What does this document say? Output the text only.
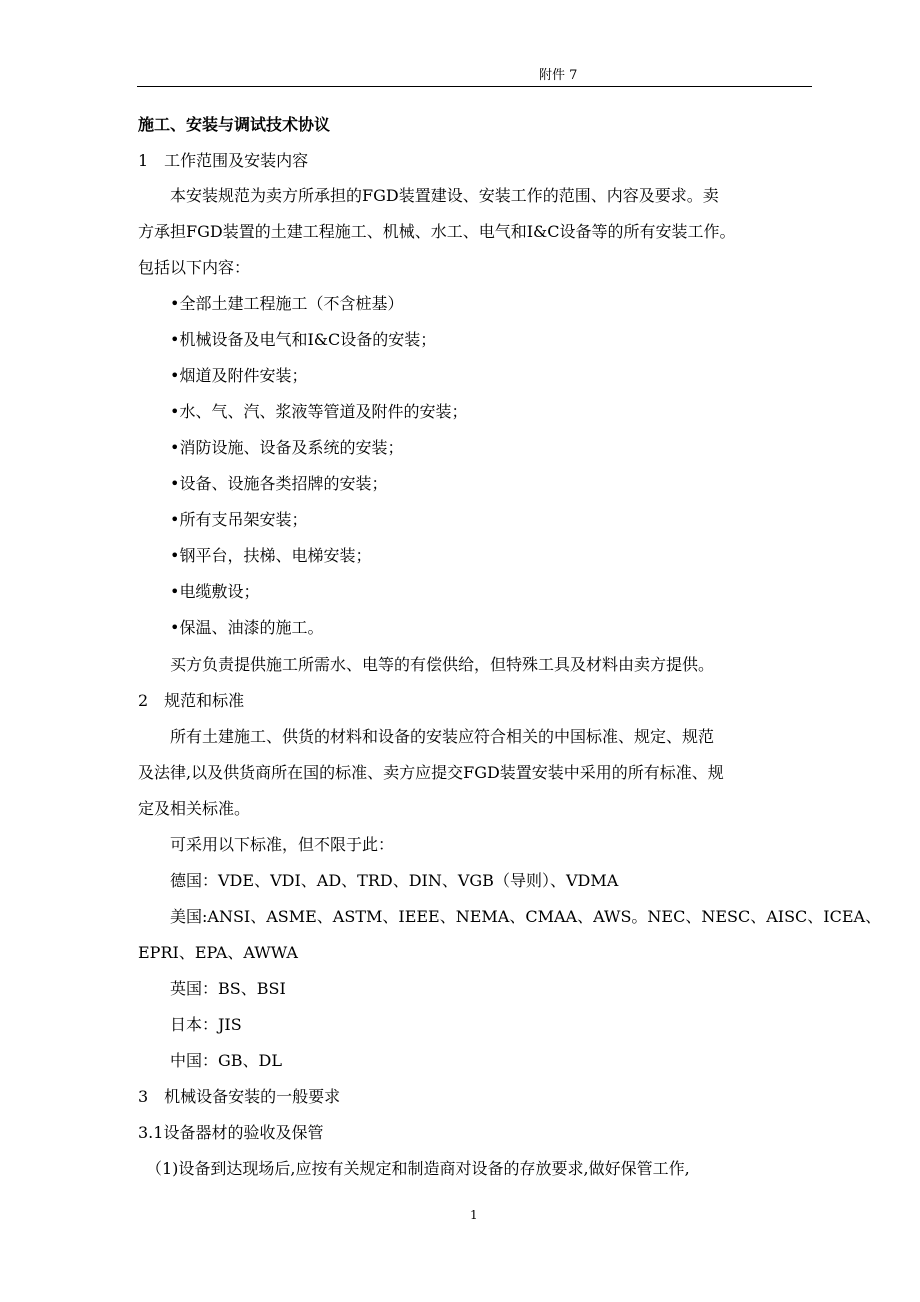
附件 7
施工、安装与调试技术协议
1　工作范围及安装内容
　　本安装规范为卖方所承担的FGD装置建设、安装工作的范围、内容及要求。卖
方承担FGD装置的土建工程施工、机械、水工、电气和I&C设备等的所有安装工作。
包括以下内容：
　　•全部土建工程施工（不含桩基）
　　•机械设备及电气和I&C设备的安装；
　　•烟道及附件安装；
　　•水、气、汽、浆液等管道及附件的安装；
　　•消防设施、设备及系统的安装；
　　•设备、设施各类招牌的安装；
　　•所有支吊架安装；
　　•钢平台，扶梯、电梯安装；
　　•电缆敷设；
　　•保温、油漆的施工。
　　买方负责提供施工所需水、电等的有偿供给，但特殊工具及材料由卖方提供。
2　规范和标准
　　所有土建施工、供货的材料和设备的安装应符合相关的中国标准、规定、规范
及法律,以及供货商所在国的标准、卖方应提交FGD装置安装中采用的所有标准、规
定及相关标准。
　　可采用以下标准，但不限于此：
　　德国：VDE、VDI、AD、TRD、DIN、VGB（导则）、VDMA
　　美国:ANSI、ASME、ASTM、IEEE、NEMA、CMAA、AWS。NEC、NESC、AISC、ICEA、
EPRI、EPA、AWWA
　　英国：BS、BSI
　　日本：JIS
　　中国：GB、DL
3　机械设备安装的一般要求
3.1设备器材的验收及保管
　（1)设备到达现场后,应按有关规定和制造商对设备的存放要求,做好保管工作,
1
